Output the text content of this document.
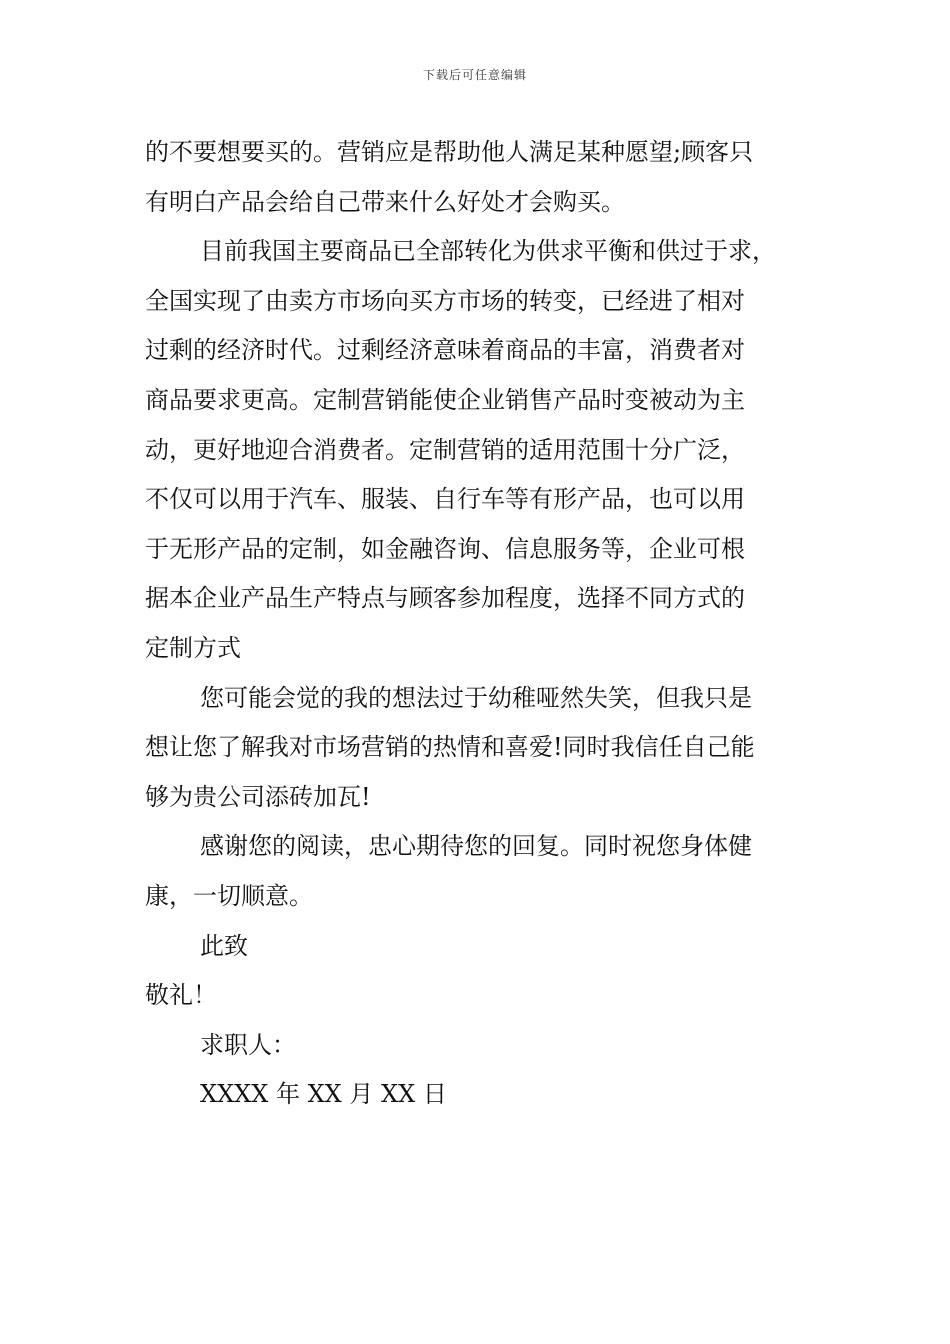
下载后可任意编辑
的不要想要买的。营销应是帮助他人满足某种愿望;顾客只
有明白产品会给自己带来什么好处才会购买。
目前我国主要商品已全部转化为供求平衡和供过于求，
全国实现了由卖方市场向买方市场的转变，已经进了相对
过剩的经济时代。过剩经济意味着商品的丰富，消费者对
商品要求更高。定制营销能使企业销售产品时变被动为主
动，更好地迎合消费者。定制营销的适用范围十分广泛，
不仅可以用于汽车、服装、自行车等有形产品，也可以用
于无形产品的定制，如金融咨询、信息服务等，企业可根
据本企业产品生产特点与顾客参加程度，选择不同方式的
定制方式
您可能会觉的我的想法过于幼稚哑然失笑，但我只是
想让您了解我对市场营销的热情和喜爱!同时我信任自己能
够为贵公司添砖加瓦!
感谢您的阅读，忠心期待您的回复。同时祝您身体健
康，一切顺意。
此致
敬礼！
求职人：
XXXX 年 XX 月 XX 日
